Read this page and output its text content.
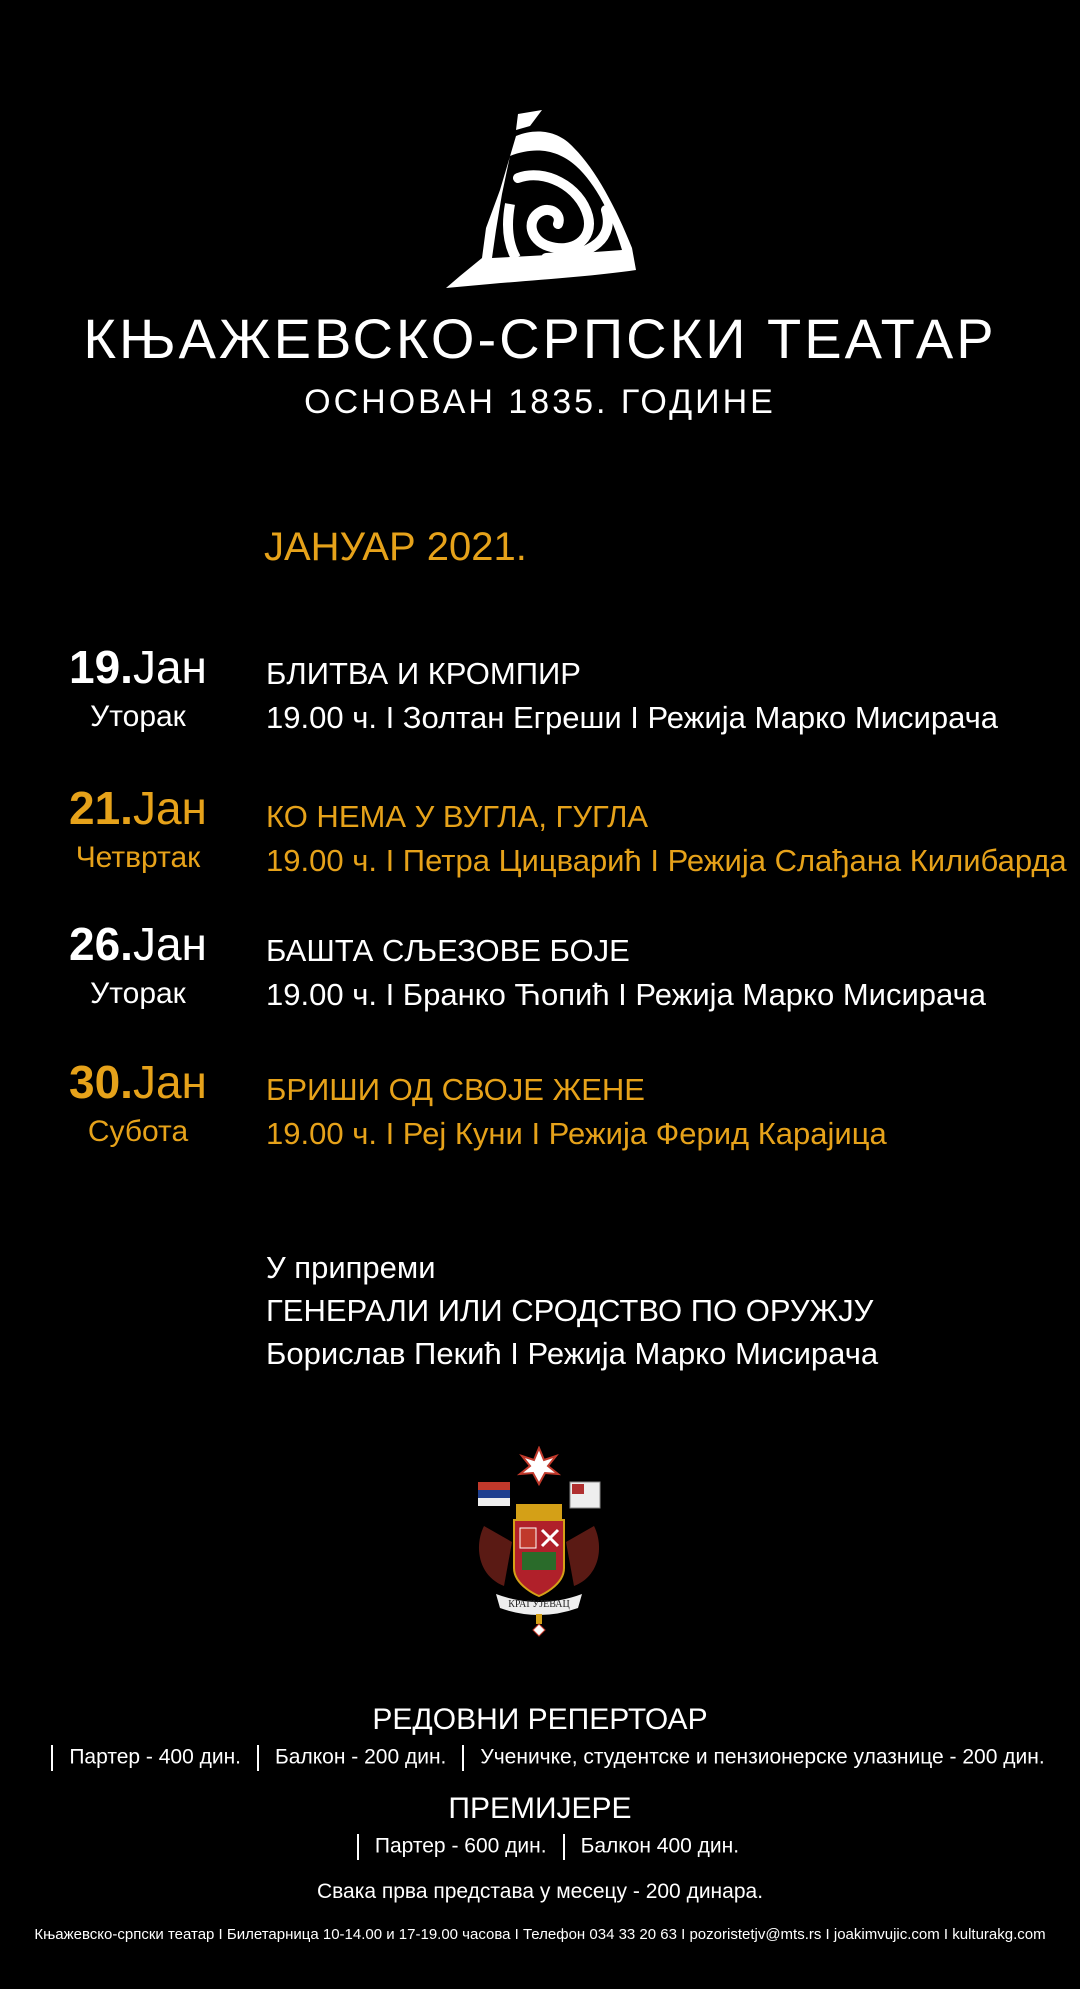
КЊАЖЕВСКО-СРПСКИ ТЕАТАР
ОСНОВАН 1835. ГОДИНЕ
ЈАНУАР 2021.
19.Јан
Уторак
БЛИТВА И КРОМПИР
19.00 ч. I Золтан Егреши I Режија Марко Мисирача
21.Јан
Четвртак
КО НЕМА У ВУГЛА, ГУГЛА
19.00 ч. I Петра Цицварић I Режија Слађана Килибарда
26.Јан
Уторак
БАШТА СЉЕЗОВЕ БОЈЕ
19.00 ч. I Бранко Ћопић I Режија Марко Мисирача
30.Јан
Субота
БРИШИ ОД СВОЈЕ ЖЕНЕ
19.00 ч. I Реј Куни I Режија Ферид Карајица
У припреми
ГЕНЕРАЛИ ИЛИ СРОДСТВО ПО ОРУЖЈУ
Борислав Пекић I Режија Марко Мисирача
КРАГУЈЕВАЦ
РЕДОВНИ РЕПЕРТОАР
Партер - 400 дин. Балкон - 200 дин. Ученичке, студентске и пензионерске улазнице - 200 дин.
ПРЕМИЈЕРЕ
Партер - 600 дин. Балкон 400 дин.
Свака прва представа у месецу - 200 динара.
Књажевско-српски театар I Билетарница 10-14.00 и 17-19.00 часова I Телефон 034 33 20 63 I pozoristetjv@mts.rs I joakimvujic.com I kulturakg.com
